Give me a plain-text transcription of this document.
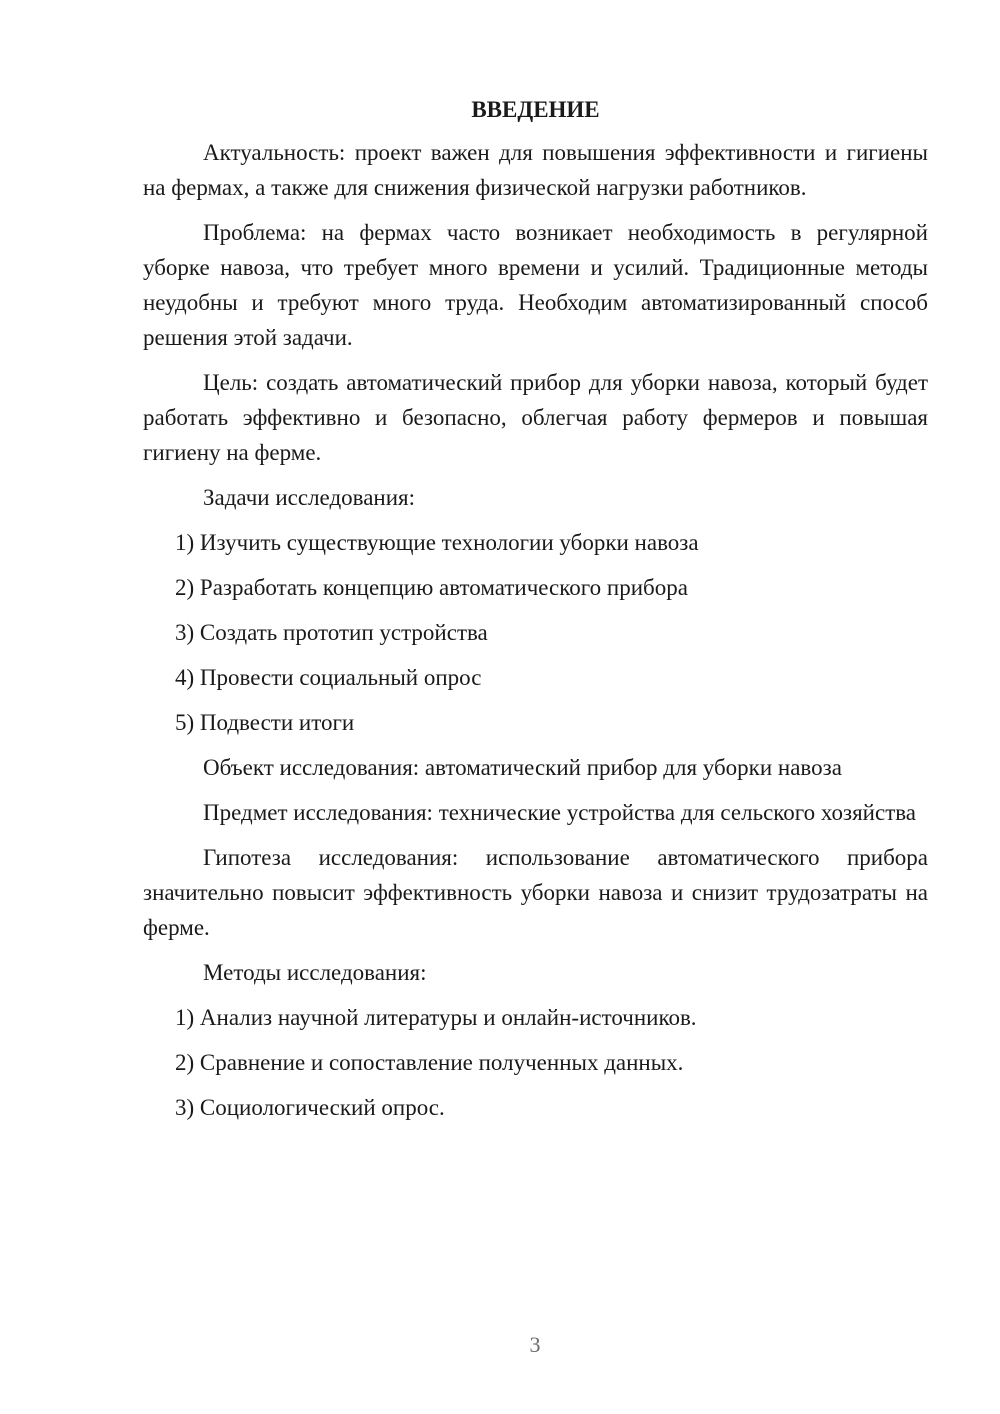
ВВЕДЕНИЕ

Актуальность: проект важен для повышения эффективности и гигиены на фермах, а также для снижения физической нагрузки работников.

Проблема: на фермах часто возникает необходимость в регулярной уборке навоза, что требует много времени и усилий. Традиционные методы неудобны и требуют много труда. Необходим автоматизированный способ решения этой задачи.

Цель: создать автоматический прибор для уборки навоза, который будет работать эффективно и безопасно, облегчая работу фермеров и повышая гигиену на ферме.

Задачи исследования:

1) Изучить существующие технологии уборки навоза
2) Разработать концепцию автоматического прибора
3) Создать прототип устройства
4) Провести социальный опрос
5) Подвести итоги

Объект исследования: автоматический прибор для уборки навоза

Предмет исследования: технические устройства для сельского хозяйства

Гипотеза исследования: использование автоматического прибора значительно повысит эффективность уборки навоза и снизит трудозатраты на ферме.

Методы исследования:

1) Анализ научной литературы и онлайн-источников.
2) Сравнение и сопоставление полученных данных.
3) Социологический опрос.
3
